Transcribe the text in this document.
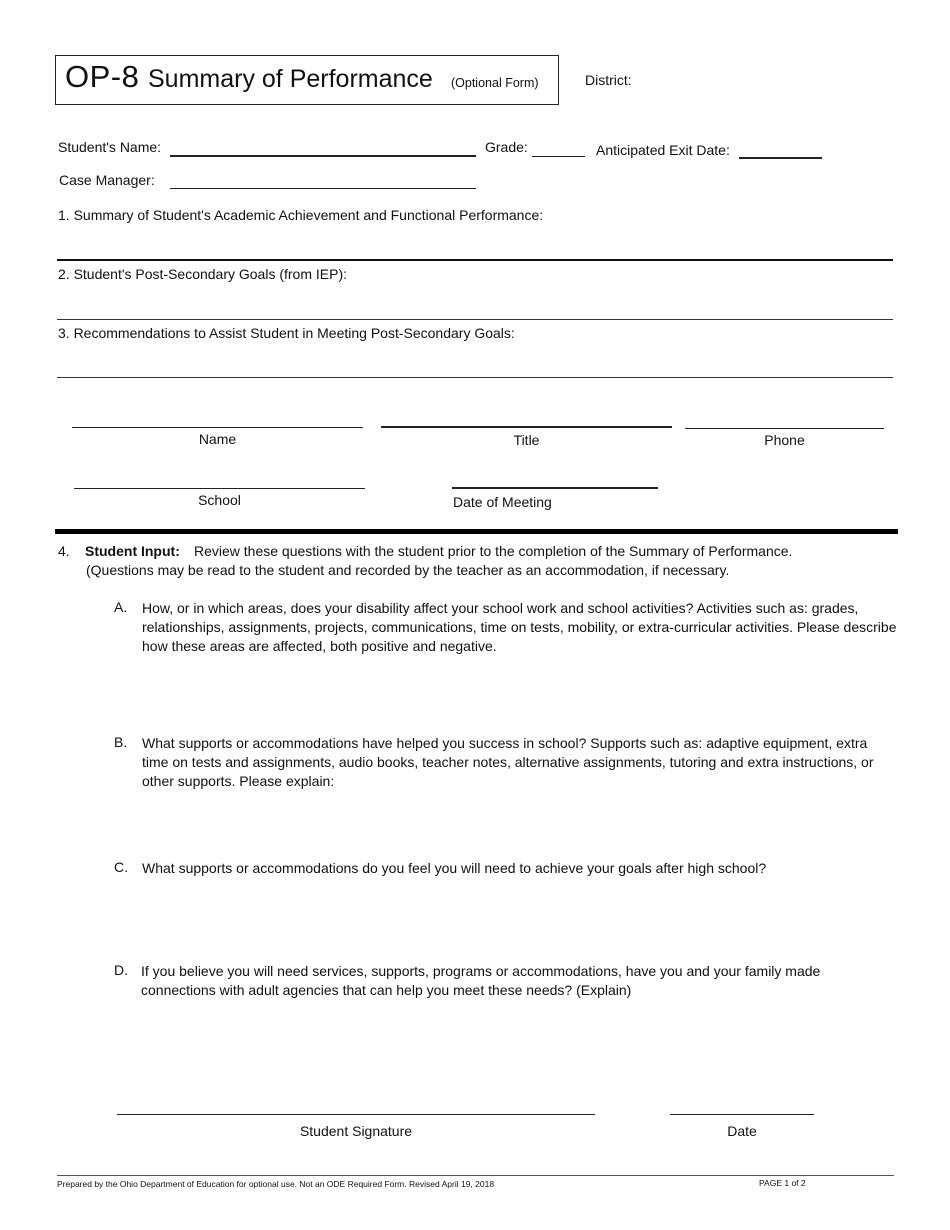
OP-8 Summary of Performance (Optional Form)	District:
Student's Name:	Grade:	Anticipated Exit Date:
Case Manager:
1. Summary of Student's Academic Achievement and Functional Performance:
2. Student's Post-Secondary Goals (from IEP):
3. Recommendations to Assist Student in Meeting Post-Secondary Goals:
Name	Title	Phone
School	Date of Meeting
4. Student Input: Review these questions with the student prior to the completion of the Summary of Performance.
(Questions may be read to the student and recorded by the teacher as an accommodation, if necessary.
A. How, or in which areas, does your disability affect your school work and school activities? Activities such as: grades, relationships, assignments, projects, communications, time on tests, mobility, or extra-curricular activities. Please describe how these areas are affected, both positive and negative.
B. What supports or accommodations have helped you success in school? Supports such as: adaptive equipment, extra time on tests and assignments, audio books, teacher notes, alternative assignments, tutoring and extra instructions, or other supports. Please explain:
C. What supports or accommodations do you feel you will need to achieve your goals after high school?
D. If you believe you will need services, supports, programs or accommodations, have you and your family made connections with adult agencies that can help you meet these needs? (Explain)
Student Signature	Date
Prepared by the Ohio Department of Education for optional use. Not an ODE Required Form. Revised April 19, 2018	PAGE 1 of 2
